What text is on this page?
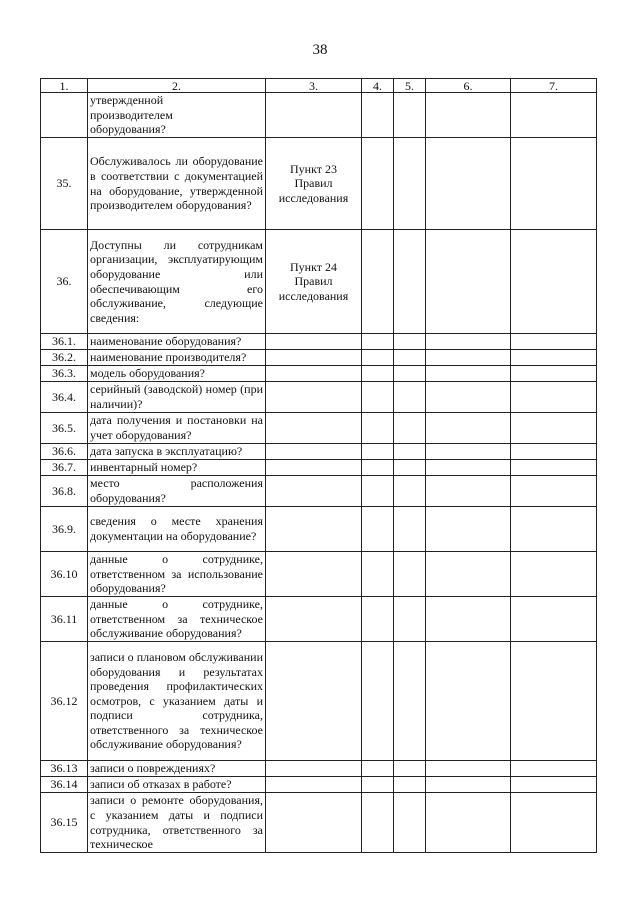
38
1.	2.	3.	4.	5.	6.	7.
	утвержденной
производителем
оборудования?					
35.	Обслуживалось ли оборудование в соответствии с документацией на оборудование, утвержденной производителем оборудования?	Пункт 23
Правил
исследования				
36.	Доступны ли сотрудникам организации, эксплуатирующим оборудование или обеспечивающим его обслуживание, следующие сведения:	Пункт 24
Правил
исследования				
36.1.	наименование оборудования?					
36.2.	наименование производителя?					
36.3.	модель оборудования?					
36.4.	серийный (заводской) номер (при наличии)?					
36.5.	дата получения и постановки на учет оборудования?					
36.6.	дата запуска в эксплуатацию?					
36.7.	инвентарный номер?					
36.8.	место расположения оборудования?					
36.9.	сведения о месте хранения документации на оборудование?					
36.10	данные о сотруднике, ответственном за использование оборудования?					
36.11	данные о сотруднике, ответственном за техническое обслуживание оборудования?					
36.12	записи о плановом обслуживании оборудования и результатах проведения профилактических осмотров, с указанием даты и подписи сотрудника, ответственного за техническое обслуживание оборудования?					
36.13	записи о повреждениях?					
36.14	записи об отказах в работе?					
36.15	записи о ремонте оборудования, с указанием даты и подписи сотрудника, ответственного за техническое					
